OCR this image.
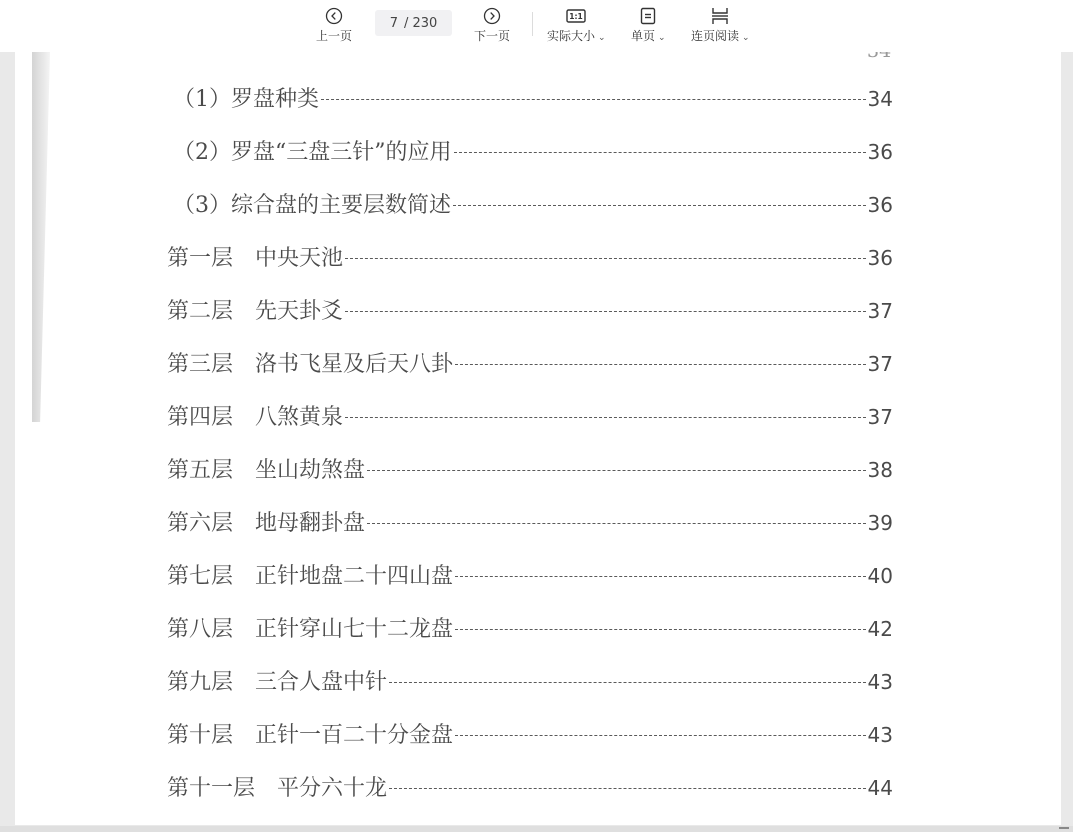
上一页
7 / 230
下一页
1:1
实际大小 ⌄ 单页 ⌄ 连页阅读 ⌄
（1）罗盘种类	34
（2）罗盘“三盘三针”的应用	36
（3）综合盘的主要层数简述	36
第一层　中央天池	36
第二层　先天卦爻	37
第三层　洛书飞星及后天八卦	37
第四层　八煞黄泉	37
第五层　坐山劫煞盘	38
第六层　地母翻卦盘	39
第七层　正针地盘二十四山盘	40
第八层　正针穿山七十二龙盘	42
第九层　三合人盘中针	43
第十层　正针一百二十分金盘	43
第十一层　平分六十龙	44
